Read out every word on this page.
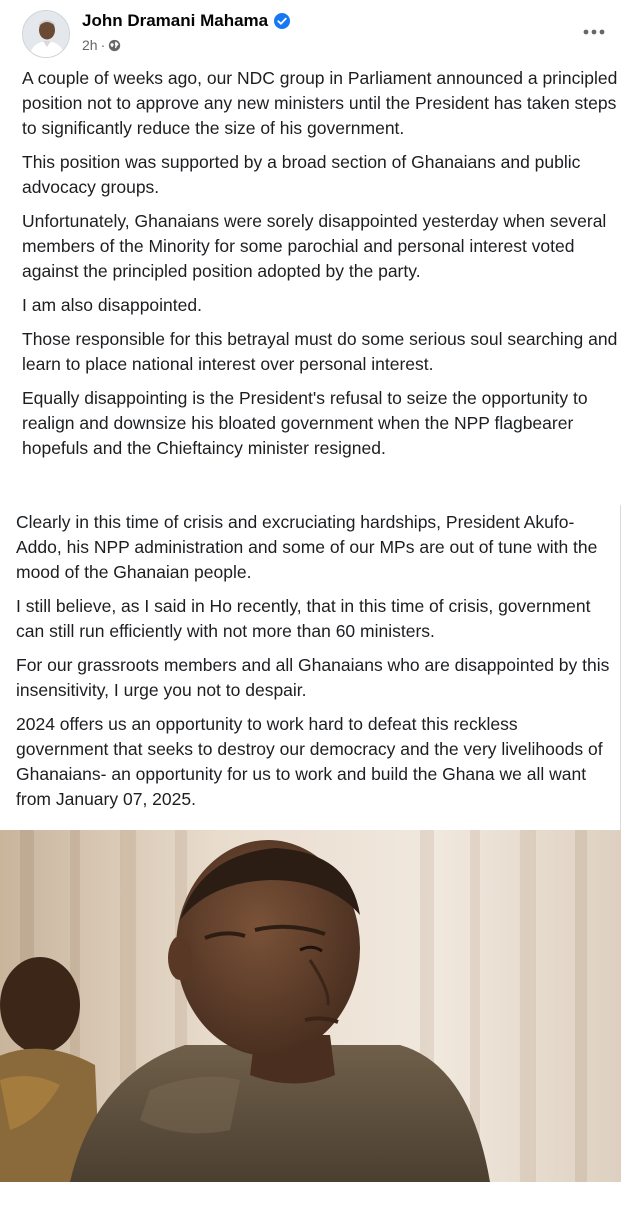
John Dramani Mahama
2h ·

A couple of weeks ago, our NDC group in Parliament announced a principled position not to approve any new ministers until the President has taken steps to significantly reduce the size of his government.

This position was supported by a broad section of Ghanaians and public advocacy groups.

Unfortunately, Ghanaians were sorely disappointed yesterday when several members of the Minority for some parochial and personal interest voted against the principled position adopted by the party.

I am also disappointed.

Those responsible for this betrayal must do some serious soul searching and learn to place national interest over personal interest.

Equally disappointing is the President's refusal to seize the opportunity to realign and downsize his bloated government when the NPP flagbearer hopefuls and the Chieftaincy minister resigned.

Clearly in this time of crisis and excruciating hardships, President Akufo-Addo, his NPP administration and some of our MPs are out of tune with the mood of the Ghanaian people.

I still believe, as I said in Ho recently, that in this time of crisis, government can still run efficiently with not more than 60 ministers.

For our grassroots members and all Ghanaians who are disappointed by this insensitivity, I urge you not to despair.

2024 offers us an opportunity to work hard to defeat this reckless government that seeks to destroy our democracy and the very livelihoods of Ghanaians- an opportunity for us to work and build the Ghana we all want from January 07, 2025.
